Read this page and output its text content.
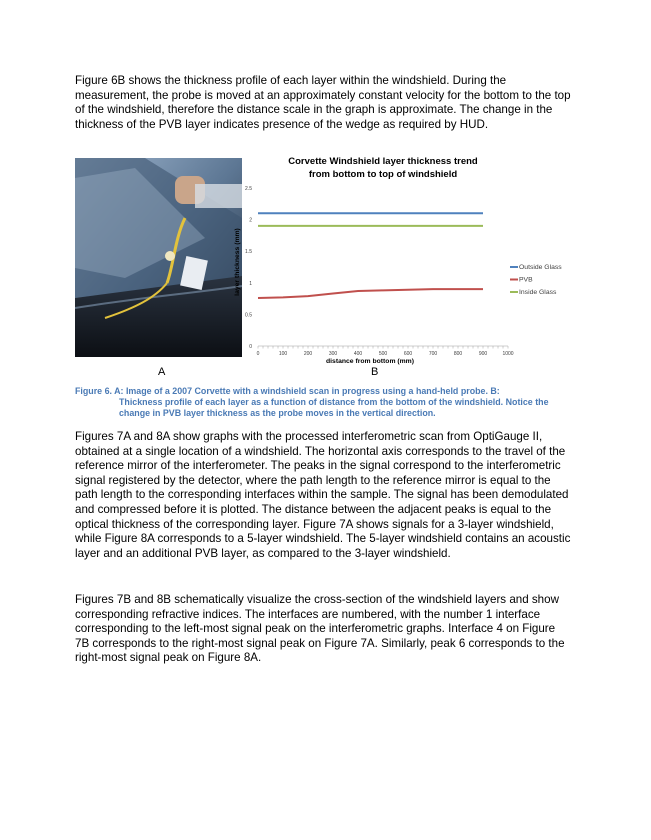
Figure 6B shows the thickness profile of each layer within the windshield. During the measurement, the probe is moved at an approximately constant velocity for the bottom to the top of the windshield, therefore the distance scale in the graph is approximate. The change in the thickness of the PVB layer indicates presence of the wedge as required by HUD.

A	B
Corvette Windshield layer thickness trend
from bottom to top of windshield
0
0.5
1
1.5
2
2.5
0	100	200	300	400	500	600	700	800	900	1000
Outside Glass
PVB
Inside Glass
distance from bottom (mm)
layer thickness (mm)
Figure 6. A: Image of a 2007 Corvette with a windshield scan in progress using a hand-held probe. B:
Thickness profile of each layer as a function of distance from the bottom of the windshield. Notice the change in PVB layer thickness as the probe moves in the vertical direction.

Figures 7A and 8A show graphs with the processed interferometric scan from OptiGauge II, obtained at a single location of a windshield. The horizontal axis corresponds to the travel of the reference mirror of the interferometer. The peaks in the signal correspond to the interferometric signal registered by the detector, where the path length to the reference mirror is equal to the path length to the corresponding interfaces within the sample. The signal has been demodulated and compressed before it is plotted. The distance between the adjacent peaks is equal to the optical thickness of the corresponding layer. Figure 7A shows signals for a 3-layer windshield, while Figure 8A corresponds to a 5-layer windshield. The 5-layer windshield contains an acoustic layer and an additional PVB layer, as compared to the 3-layer windshield.

Figures 7B and 8B schematically visualize the cross-section of the windshield layers and show corresponding refractive indices. The interfaces are numbered, with the number 1 interface corresponding to the left-most signal peak on the interferometric graphs. Interface 4 on Figure 7B corresponds to the right-most signal peak on Figure 7A. Similarly, peak 6 corresponds to the right-most signal peak on Figure 8A.
